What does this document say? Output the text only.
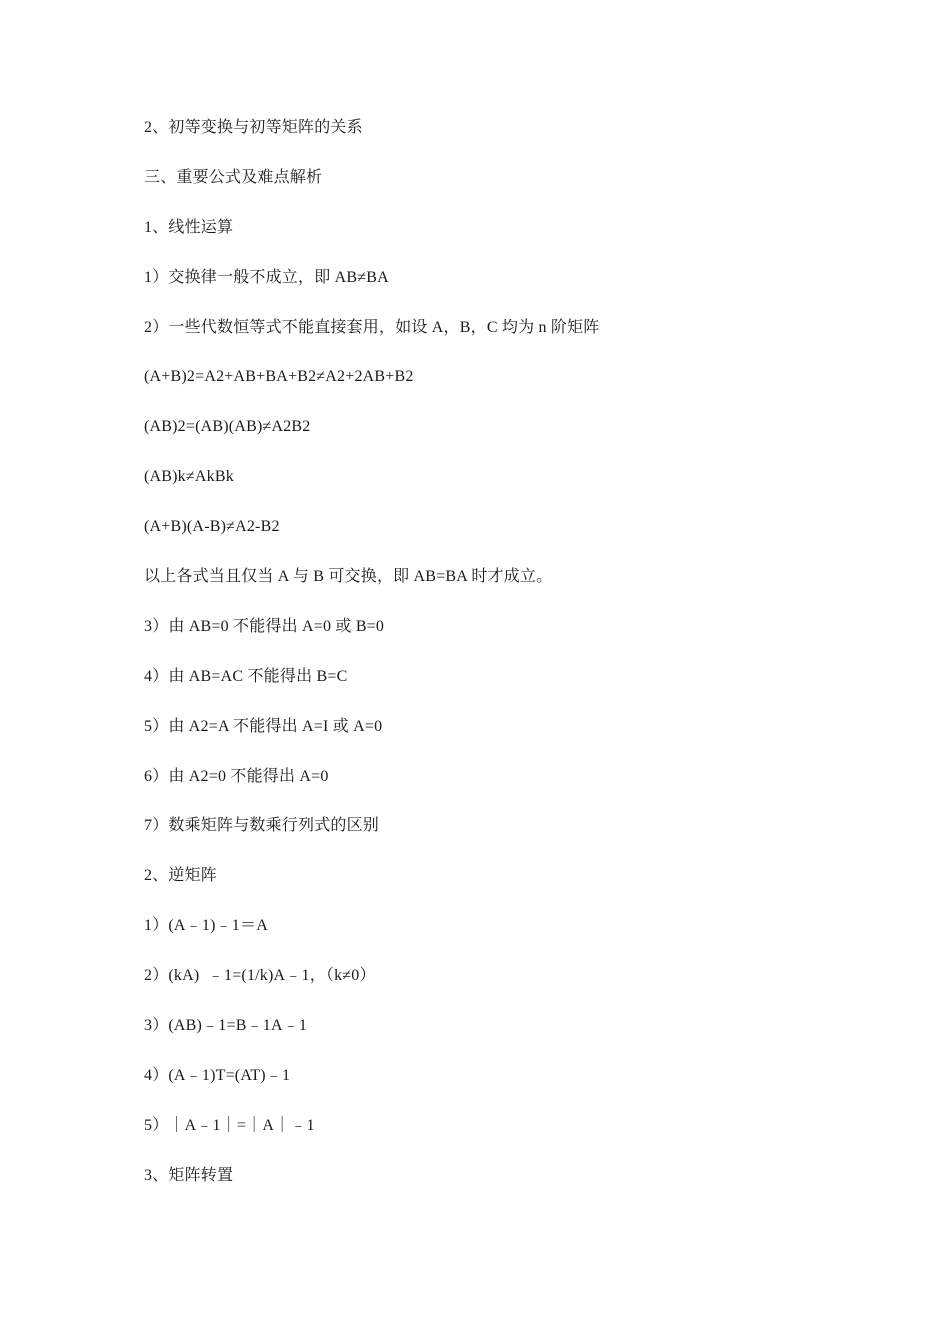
2、初等变换与初等矩阵的关系
三、重要公式及难点解析
1、线性运算
1）交换律一般不成立，即 AB≠BA
2）一些代数恒等式不能直接套用，如设 A，B，C 均为 n 阶矩阵
(A+B)2=A2+AB+BA+B2≠A2+2AB+B2
(AB)2=(AB)(AB)≠A2B2
(AB)k≠AkBk
(A+B)(A-B)≠A2-B2
以上各式当且仅当 A 与 B 可交换，即 AB=BA 时才成立。
3）由 AB=0 不能得出 A=0 或 B=0
4）由 AB=AC 不能得出 B=C
5）由 A2=A 不能得出 A=I 或 A=0
6）由 A2=0 不能得出 A=0
7）数乘矩阵与数乘行列式的区别
2、逆矩阵
1）(A﹣1)﹣1＝A
2）(kA)  ﹣1=(1/k)A﹣1，（k≠0）
3）(AB)﹣1=B﹣1A﹣1
4）(A﹣1)T=(AT)﹣1
5）｜A﹣1｜=｜A｜﹣1
3、矩阵转置
